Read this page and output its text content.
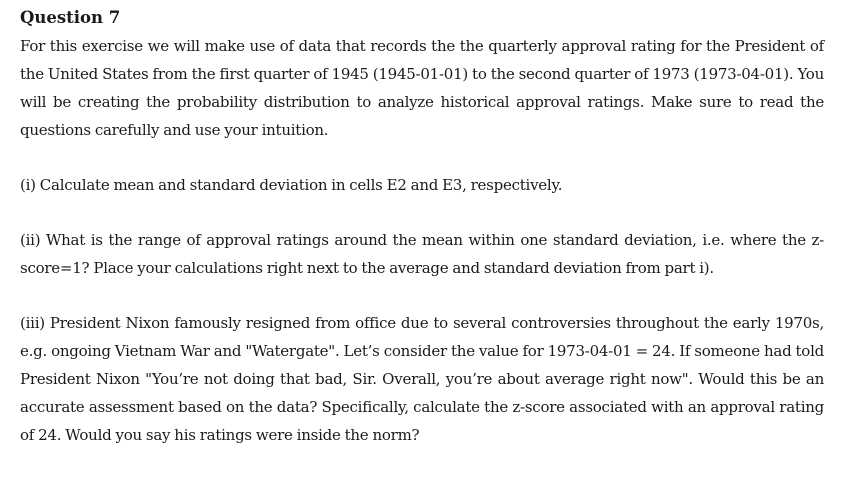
Question 7

For this exercise we will make use of data that records the the quarterly approval rating for the President of the United States from the first quarter of 1945 (1945-01-01) to the second quarter of 1973 (1973-04-01). You will be creating the probability distribution to analyze historical approval ratings. Make sure to read the questions carefully and use your intuition.

(i) Calculate mean and standard deviation in cells E2 and E3, respectively.

(ii) What is the range of approval ratings around the mean within one standard deviation, i.e. where the z-score=1? Place your calculations right next to the average and standard deviation from part i).

(iii) President Nixon famously resigned from office due to several controversies throughout the early 1970s, e.g. ongoing Vietnam War and "Watergate". Let’s consider the value for 1973-04-01 = 24. If someone had told President Nixon "You’re not doing that bad, Sir. Overall, you’re about average right now". Would this be an accurate assessment based on the data? Specifically, calculate the z-score associated with an approval rating of 24. Would you say his ratings were inside the norm?
